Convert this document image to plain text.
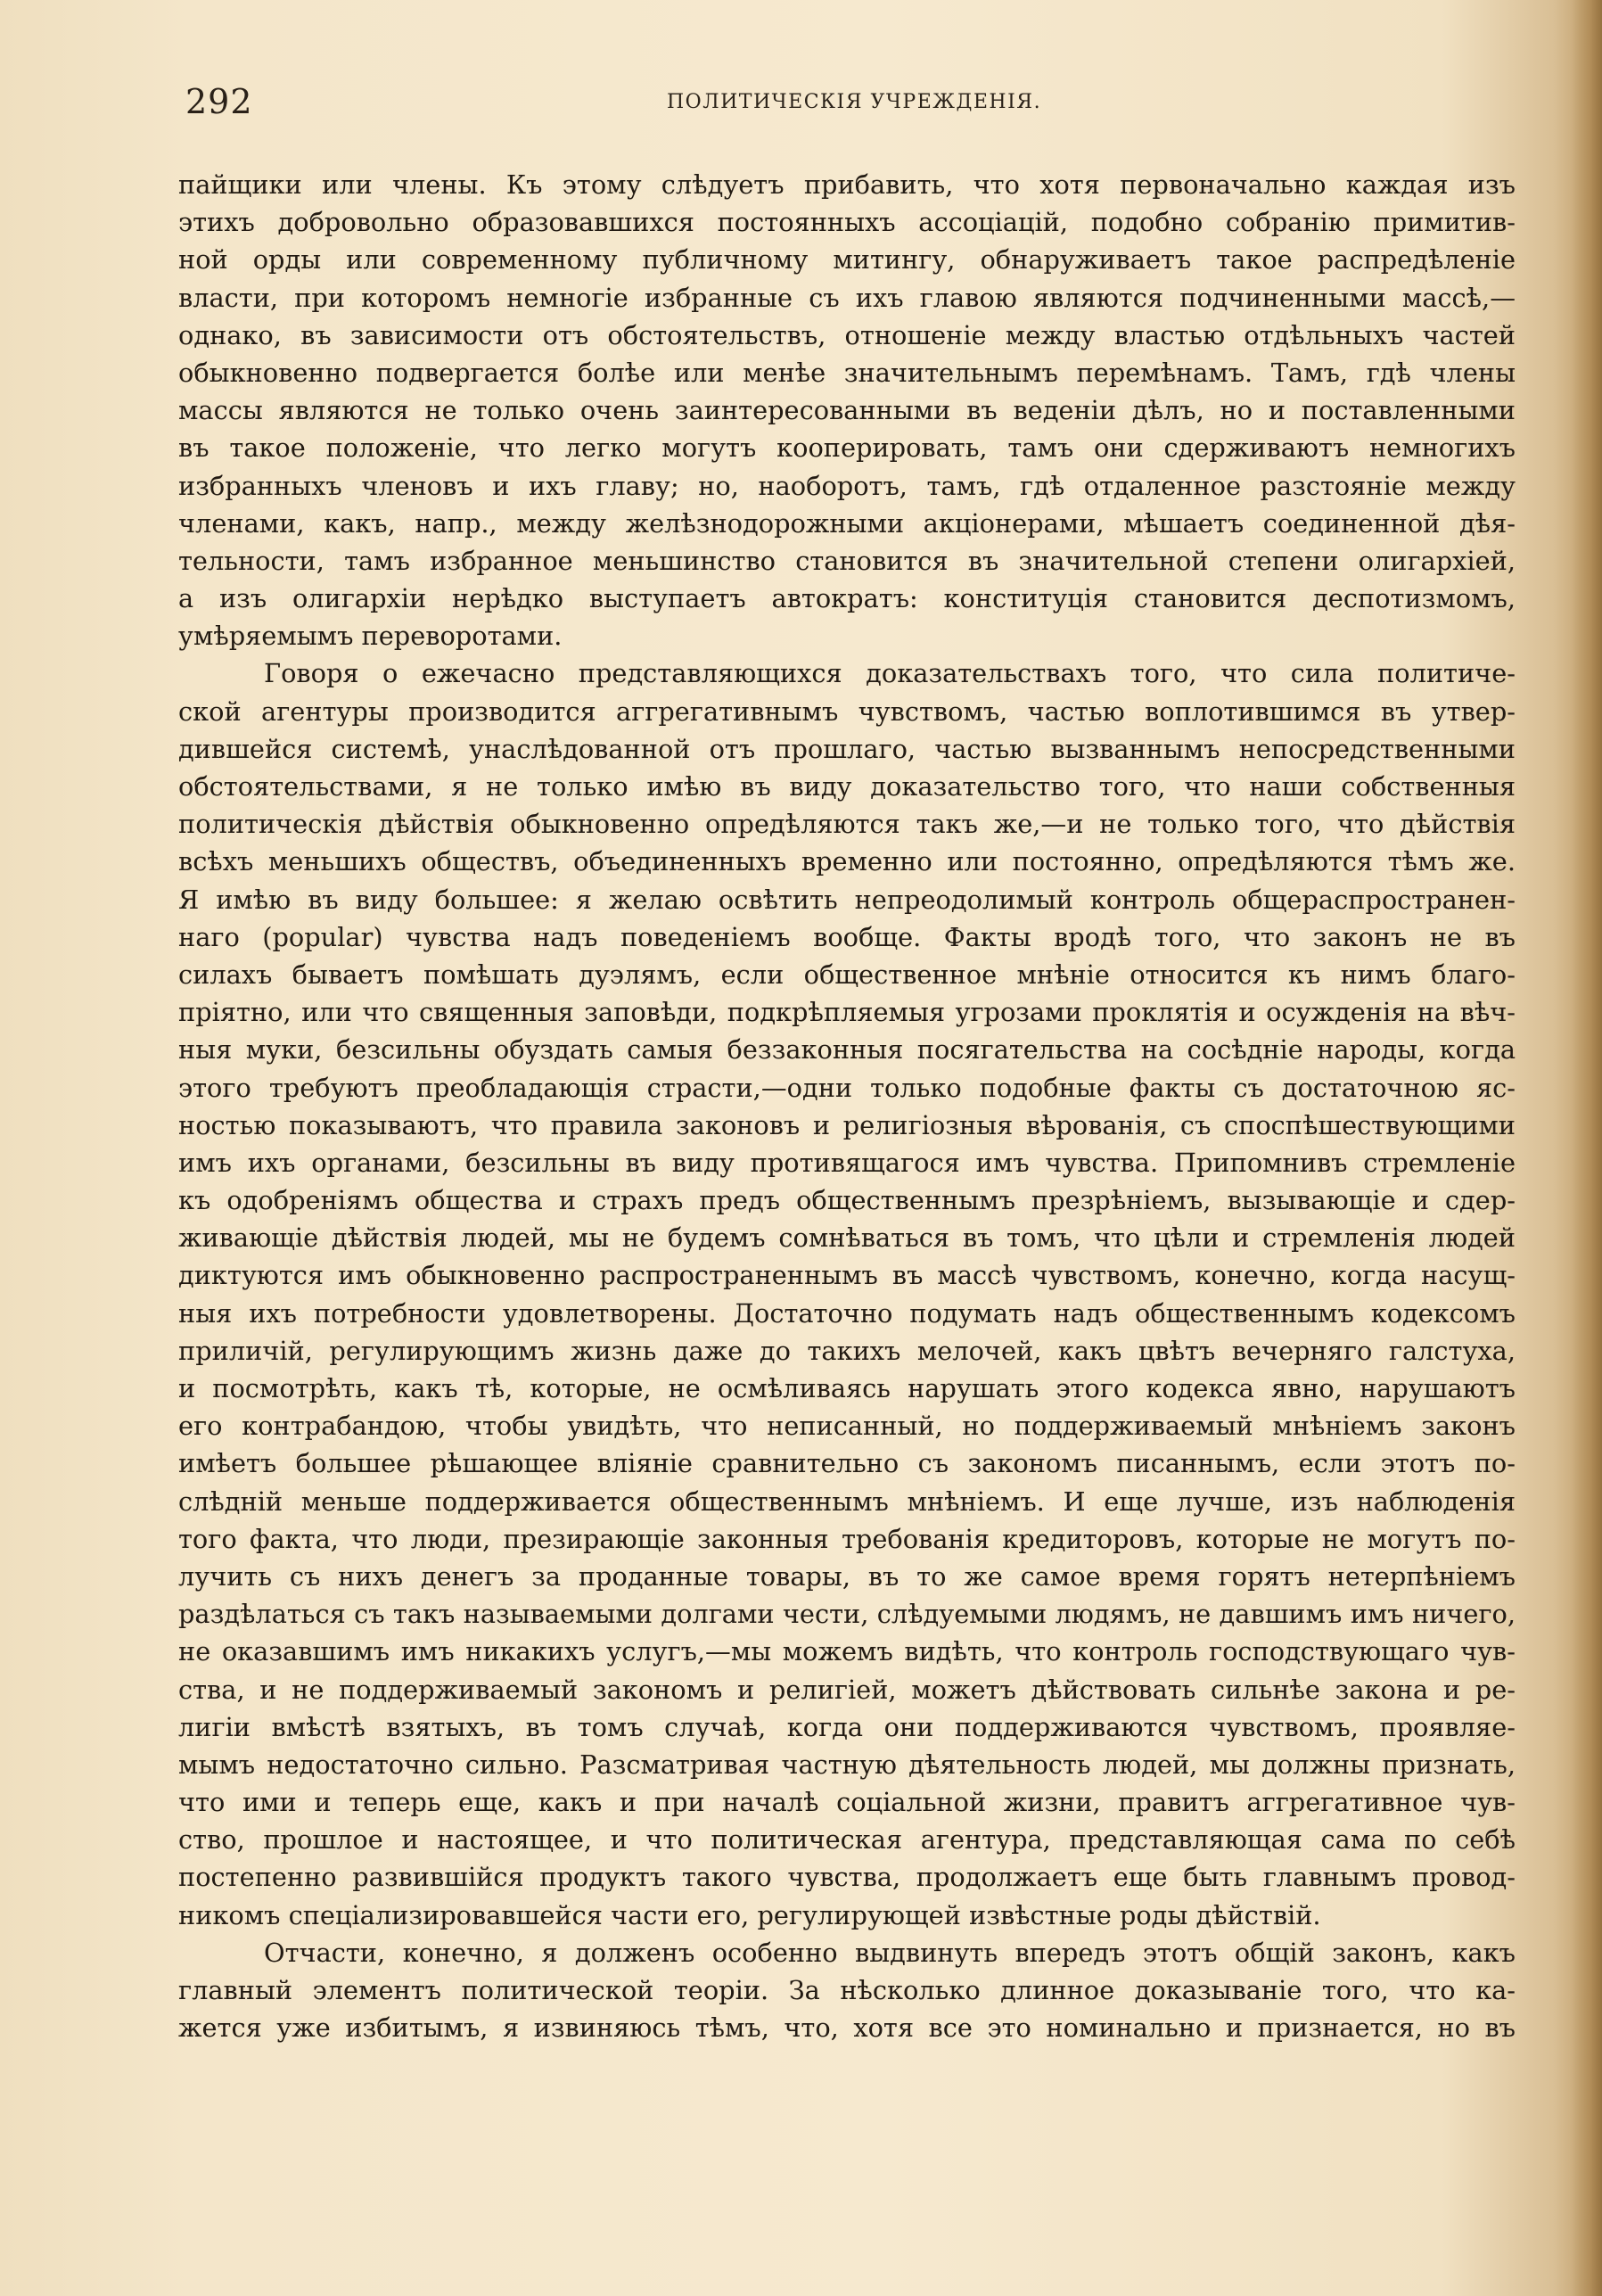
292	ПОЛИТИЧЕСКІЯ УЧРЕЖДЕНІЯ.
пайщики или члены. Къ этому слѣдуетъ прибавить, что хотя первоначально каждая изъ
этихъ добровольно образовавшихся постоянныхъ ассоціацій, подобно собранію примитив-
ной орды или современному публичному митингу, обнаруживаетъ такое распредѣленіе
власти, при которомъ немногіе избранные съ ихъ главою являются подчиненными массѣ,—
однако, въ зависимости отъ обстоятельствъ, отношеніе между властью отдѣльныхъ частей
обыкновенно подвергается болѣе или менѣе значительнымъ перемѣнамъ. Тамъ, гдѣ члены
массы являются не только очень заинтересованными въ веденіи дѣлъ, но и поставленными
въ такое положеніе, что легко могутъ кооперировать, тамъ они сдерживаютъ немногихъ
избранныхъ членовъ и ихъ главу; но, наоборотъ, тамъ, гдѣ отдаленное разстояніе между
членами, какъ, напр., между желѣзнодорожными акціонерами, мѣшаетъ соединенной дѣя-
тельности, тамъ избранное меньшинство становится въ значительной степени олигархіей,
а изъ олигархіи нерѣдко выступаетъ автократъ: конституція становится деспотизмомъ,
умѣряемымъ переворотами.
Говоря о ежечасно представляющихся доказательствахъ того, что сила политиче-
ской агентуры производится аггрегативнымъ чувствомъ, частью воплотившимся въ утвер-
дившейся системѣ, унаслѣдованной отъ прошлаго, частью вызваннымъ непосредственными
обстоятельствами, я не только имѣю въ виду доказательство того, что наши собственныя
политическія дѣйствія обыкновенно опредѣляются такъ же,—и не только того, что дѣйствія
всѣхъ меньшихъ обществъ, объединенныхъ временно или постоянно, опредѣляются тѣмъ же.
Я имѣю въ виду большее: я желаю освѣтить непреодолимый контроль общераспространен-
наго (popular) чувства надъ поведеніемъ вообще. Факты вродѣ того, что законъ не въ
силахъ бываетъ помѣшать дуэлямъ, если общественное мнѣніе относится къ нимъ благо-
пріятно, или что священныя заповѣди, подкрѣпляемыя угрозами проклятія и осужденія на вѣч-
ныя муки, безсильны обуздать самыя беззаконныя посягательства на сосѣдніе народы, когда
этого требуютъ преобладающія страсти,—одни только подобные факты съ достаточною яс-
ностью показываютъ, что правила законовъ и религіозныя вѣрованія, съ споспѣшествующими
имъ ихъ органами, безсильны въ виду противящагося имъ чувства. Припомнивъ стремленіе
къ одобреніямъ общества и страхъ предъ общественнымъ презрѣніемъ, вызывающіе и сдер-
живающіе дѣйствія людей, мы не будемъ сомнѣваться въ томъ, что цѣли и стремленія людей
диктуются имъ обыкновенно распространеннымъ въ массѣ чувствомъ, конечно, когда насущ-
ныя ихъ потребности удовлетворены. Достаточно подумать надъ общественнымъ кодексомъ
приличій, регулирующимъ жизнь даже до такихъ мелочей, какъ цвѣтъ вечерняго галстуха,
и посмотрѣть, какъ тѣ, которые, не осмѣливаясь нарушать этого кодекса явно, нарушаютъ
его контрабандою, чтобы увидѣть, что неписанный, но поддерживаемый мнѣніемъ законъ
имѣетъ большее рѣшающее вліяніе сравнительно съ закономъ писаннымъ, если этотъ по-
слѣдній меньше поддерживается общественнымъ мнѣніемъ. И еще лучше, изъ наблюденія
того факта, что люди, презирающіе законныя требованія кредиторовъ, которые не могутъ по-
лучить съ нихъ денегъ за проданные товары, въ то же самое время горятъ нетерпѣніемъ
раздѣлаться съ такъ называемыми долгами чести, слѣдуемыми людямъ, не давшимъ имъ ничего,
не оказавшимъ имъ никакихъ услугъ,—мы можемъ видѣть, что контроль господствующаго чув-
ства, и не поддерживаемый закономъ и религіей, можетъ дѣйствовать сильнѣе закона и ре-
лигіи вмѣстѣ взятыхъ, въ томъ случаѣ, когда они поддерживаются чувствомъ, проявляе-
мымъ недостаточно сильно. Разсматривая частную дѣятельность людей, мы должны признать,
что ими и теперь еще, какъ и при началѣ соціальной жизни, правитъ аггрегативное чув-
ство, прошлое и настоящее, и что политическая агентура, представляющая сама по себѣ
постепенно развившійся продуктъ такого чувства, продолжаетъ еще быть главнымъ провод-
никомъ спеціализировавшейся части его, регулирующей извѣстные роды дѣйствій.
Отчасти, конечно, я долженъ особенно выдвинуть впередъ этотъ общій законъ, какъ
главный элементъ политической теоріи. За нѣсколько длинное доказываніе того, что ка-
жется уже избитымъ, я извиняюсь тѣмъ, что, хотя все это номинально и признается, но въ
